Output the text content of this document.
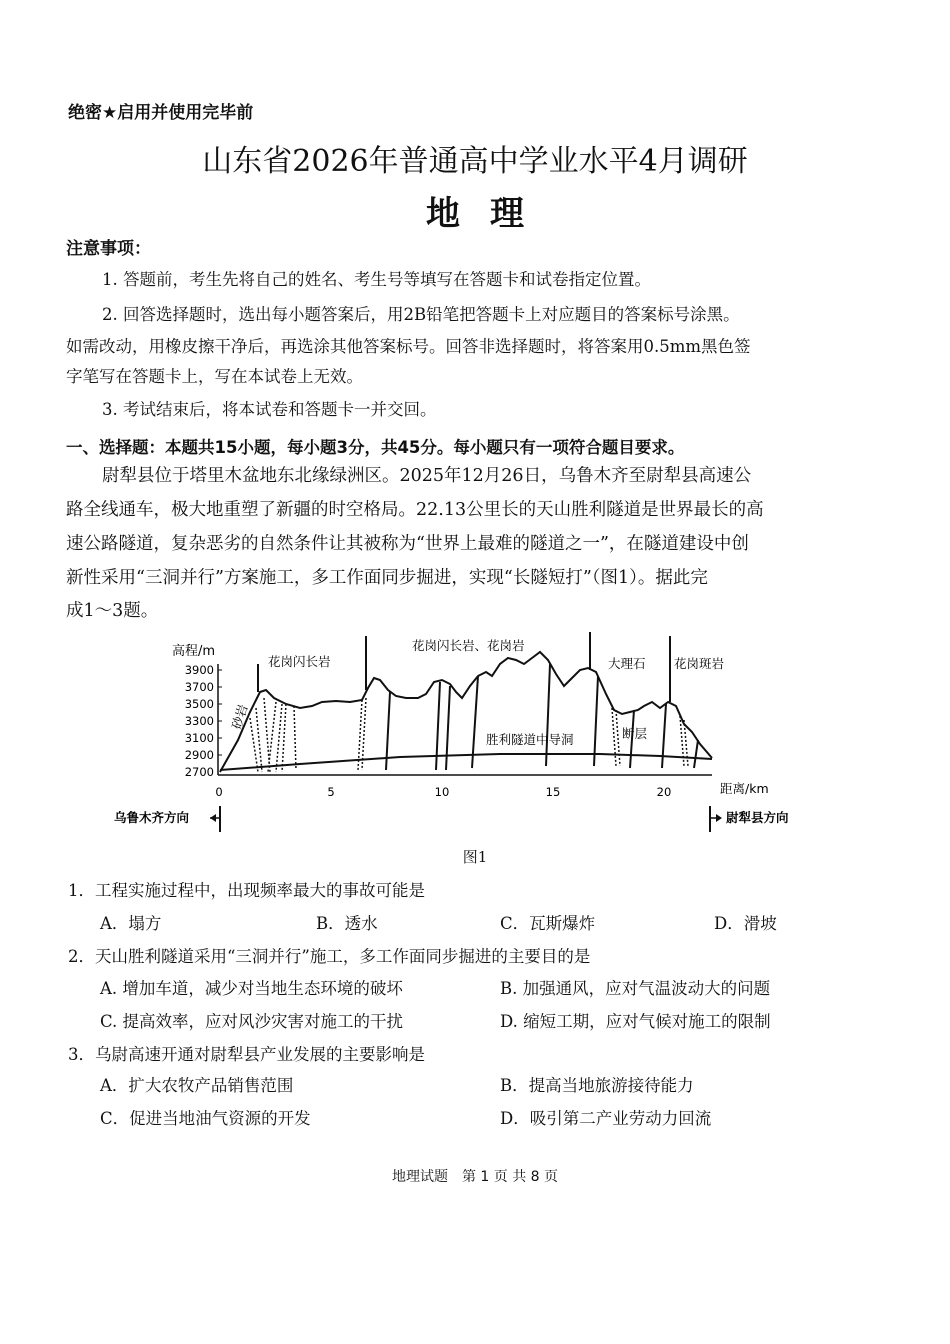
绝密★启用并使用完毕前
山东省2026年普通高中学业水平4月调研
地理
注意事项：
1. 答题前，考生先将自己的姓名、考生号等填写在答题卡和试卷指定位置。
2. 回答选择题时，选出每小题答案后，用2B铅笔把答题卡上对应题目的答案标号涂黑。
如需改动，用橡皮擦干净后，再选涂其他答案标号。回答非选择题时，将答案用0.5mm黑色签
字笔写在答题卡上，写在本试卷上无效。
3. 考试结束后，将本试卷和答题卡一并交回。
一、选择题：本题共15小题，每小题3分，共45分。每小题只有一项符合题目要求。
尉犁县位于塔里木盆地东北缘绿洲区。2025年12月26日，乌鲁木齐至尉犁县高速公
路全线通车，极大地重塑了新疆的时空格局。22.13公里长的天山胜利隧道是世界最长的高
速公路隧道，复杂恶劣的自然条件让其被称为“世界上最难的隧道之一”，在隧道建设中创
新性采用“三洞并行”方案施工，多工作面同步掘进，实现“长隧短打”（图1）。据此完
成1～3题。
高程/m
3900
3700
3500
3300
3100
2900
2700
0	5	10	15	20	距离/km
砂岩
花岗闪长岩
花岗闪长岩、花岗岩
大理石 花岗斑岩
断层
胜利隧道中导洞
乌鲁木齐方向	尉犁县方向
图1
1．工程实施过程中，出现频率最大的事故可能是
A．塌方	B．透水	C．瓦斯爆炸	D．滑坡
2．天山胜利隧道采用“三洞并行”施工，多工作面同步掘进的主要目的是
A. 增加车道，减少对当地生态环境的破坏	B. 加强通风，应对气温波动大的问题
C. 提高效率，应对风沙灾害对施工的干扰	D. 缩短工期，应对气候对施工的限制
3．乌尉高速开通对尉犁县产业发展的主要影响是
A．扩大农牧产品销售范围	B．提高当地旅游接待能力
C．促进当地油气资源的开发	D．吸引第二产业劳动力回流
地理试题　第 1 页 共 8 页
